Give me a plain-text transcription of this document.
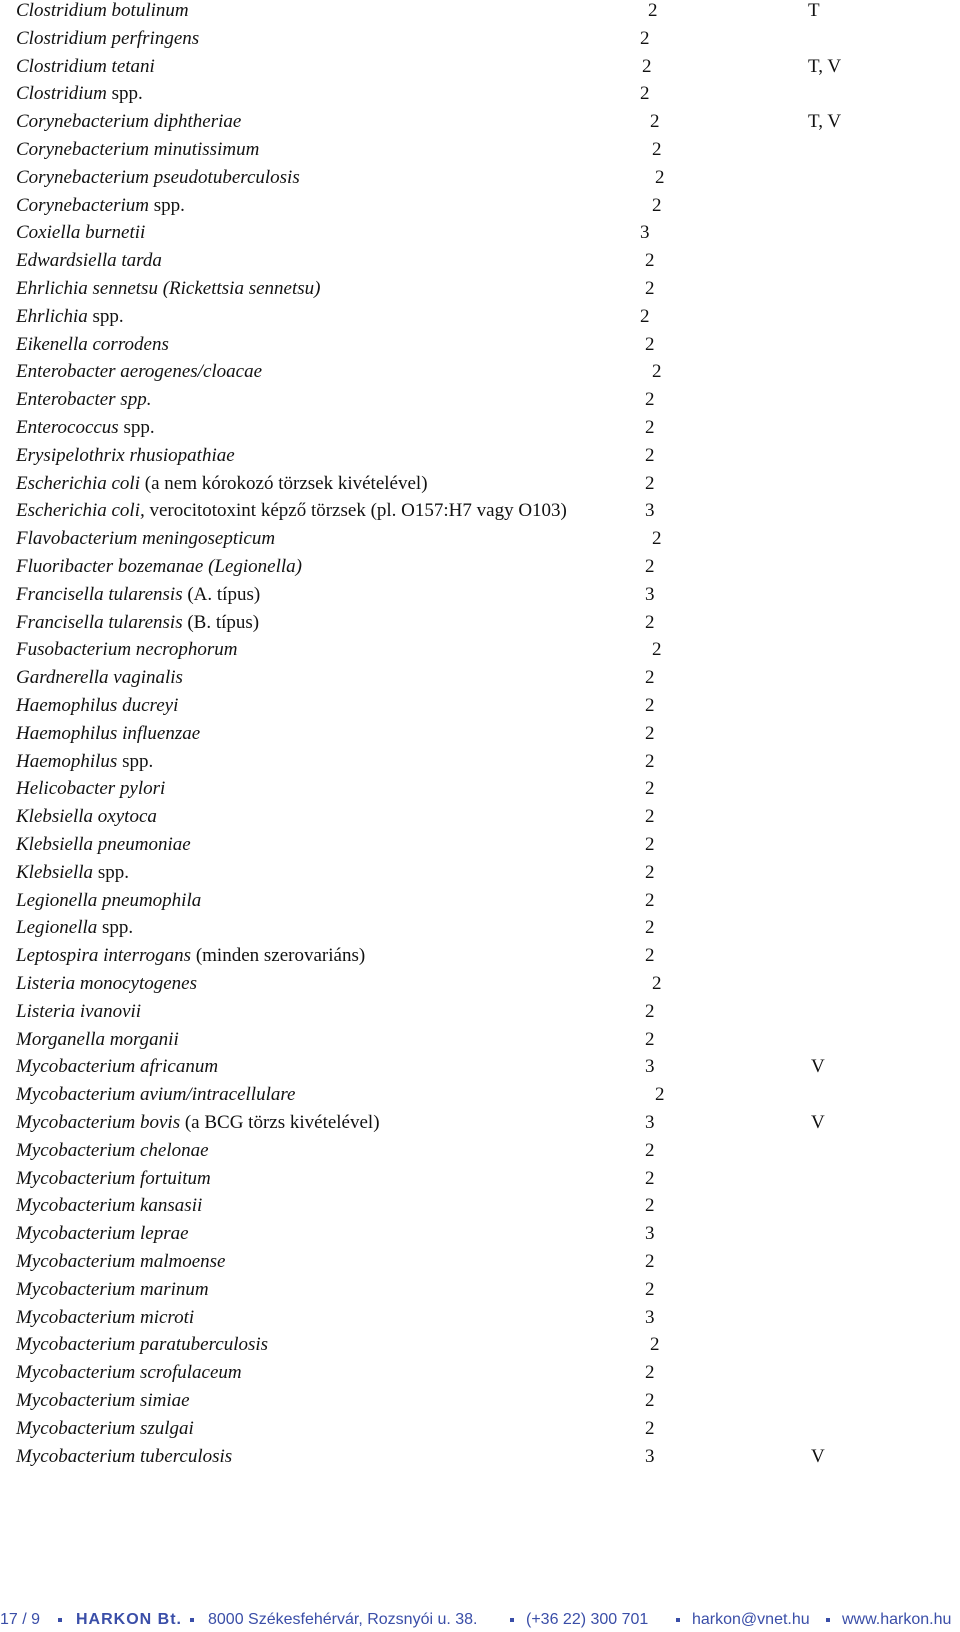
Clostridium botulinum	2	T
Clostridium perfringens	2
Clostridium tetani	2	T, V
Clostridium spp.	2
Corynebacterium diphtheriae	2	T, V
Corynebacterium minutissimum	2
Corynebacterium pseudotuberculosis	2
Corynebacterium spp.	2
Coxiella burnetii	3
Edwardsiella tarda	2
Ehrlichia sennetsu (Rickettsia sennetsu)	2
Ehrlichia spp.	2
Eikenella corrodens	2
Enterobacter aerogenes/cloacae	2
Enterobacter spp.	2
Enterococcus spp.	2
Erysipelothrix rhusiopathiae	2
Escherichia coli (a nem kórokozó törzsek kivételével)	2
Escherichia coli, verocitotoxint képző törzsek (pl. O157:H7 vagy O103)	3
Flavobacterium meningosepticum	2
Fluoribacter bozemanae (Legionella)	2
Francisella tularensis (A. típus)	3
Francisella tularensis (B. típus)	2
Fusobacterium necrophorum	2
Gardnerella vaginalis	2
Haemophilus ducreyi	2
Haemophilus influenzae	2
Haemophilus spp.	2
Helicobacter pylori	2
Klebsiella oxytoca	2
Klebsiella pneumoniae	2
Klebsiella spp.	2
Legionella pneumophila	2
Legionella spp.	2
Leptospira interrogans (minden szerovariáns)	2
Listeria monocytogenes	2
Listeria ivanovii	2
Morganella morganii	2
Mycobacterium africanum	3	V
Mycobacterium avium/intracellulare	2
Mycobacterium bovis (a BCG törzs kivételével)	3	V
Mycobacterium chelonae	2
Mycobacterium fortuitum	2
Mycobacterium kansasii	2
Mycobacterium leprae	3
Mycobacterium malmoense	2
Mycobacterium marinum	2
Mycobacterium microti	3
Mycobacterium paratuberculosis	2
Mycobacterium scrofulaceum	2
Mycobacterium simiae	2
Mycobacterium szulgai	2
Mycobacterium tuberculosis	3	V
17 / 9 HARKON Bt. 8000 Székesfehérvár, Rozsnyói u. 38.	(+36 22) 300 701	harkon@vnet.hu www.harkon.hu
